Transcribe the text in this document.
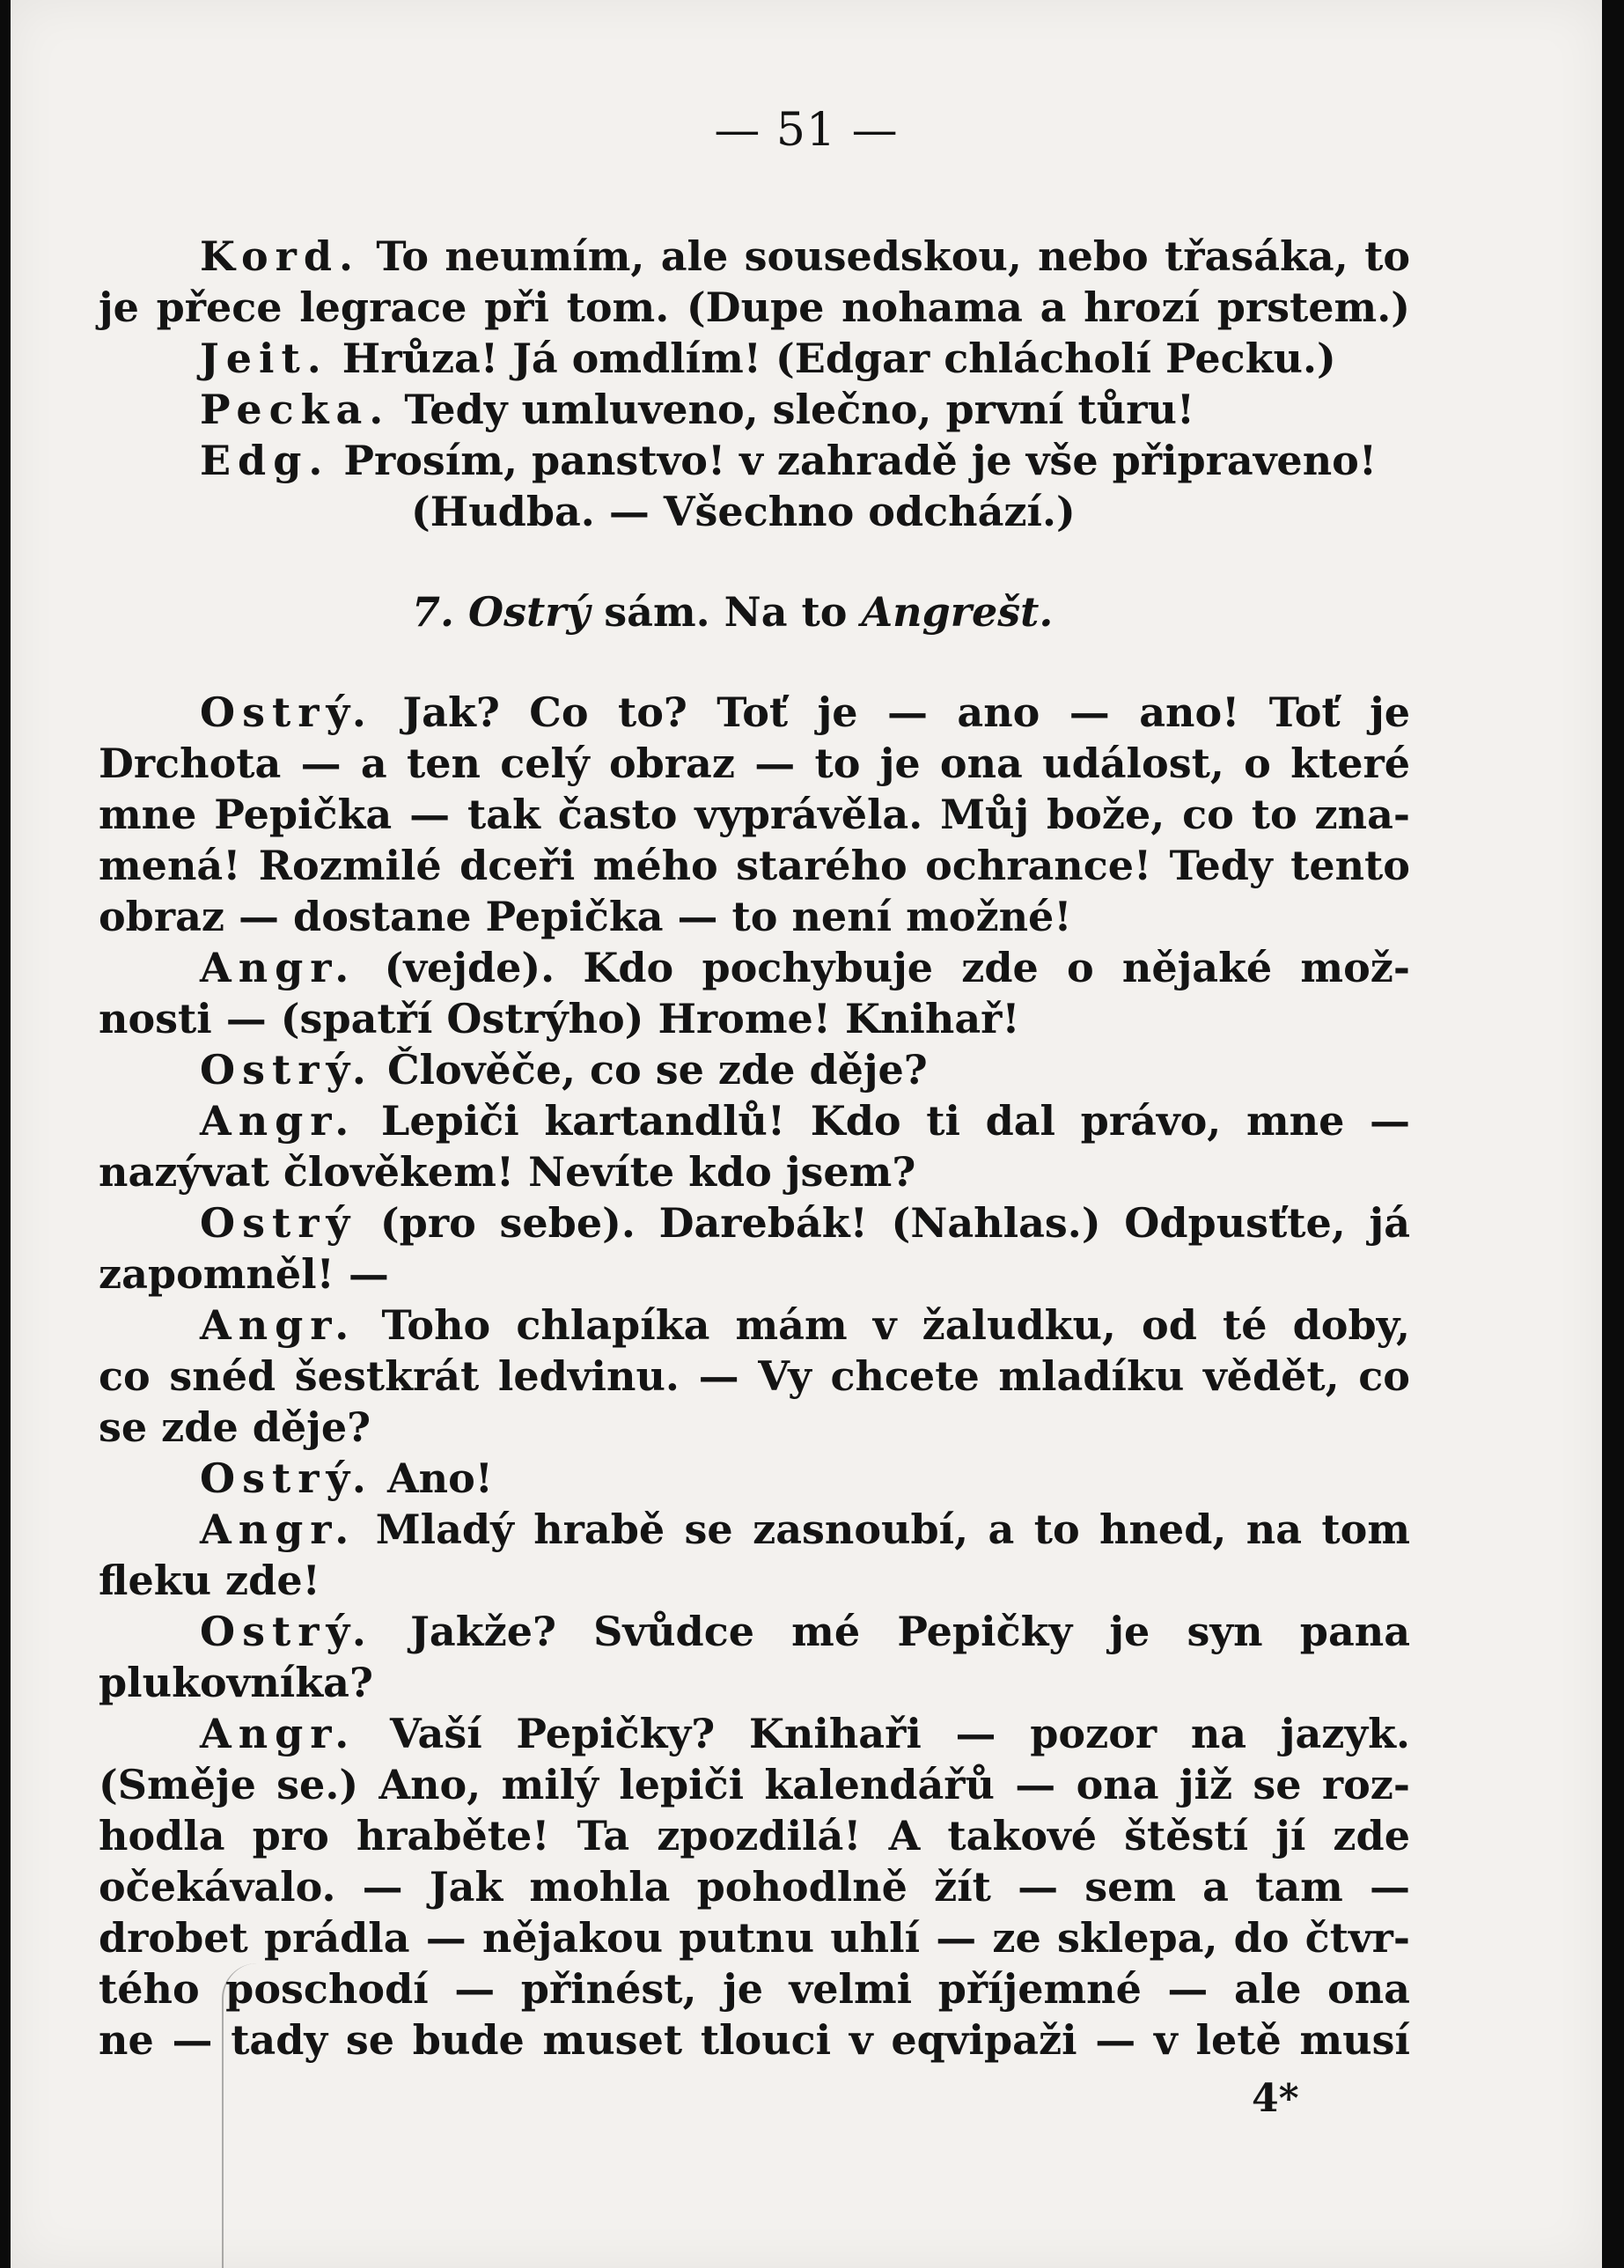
— 51 —
Kord. To neumím, ale sousedskou, nebo třasáka, to
je přece legrace při tom. (Dupe nohama a hrozí prstem.)
Jeit. Hrůza! Já omdlím! (Edgar chlácholí Pecku.)
Pecka. Tedy umluveno, slečno, první tůru!
Edg. Prosím, panstvo! v zahradě je vše připraveno!
(Hudba. — Všechno odchází.)
7. Ostrý sám. Na to Angrešt.
Ostrý. Jak? Co to? Toť je — ano — ano! Toť je
Drchota — a ten celý obraz — to je ona událost, o které
mne Pepička — tak často vyprávěla. Můj bože, co to zna-
mená! Rozmilé dceři mého starého ochrance! Tedy tento
obraz — dostane Pepička — to není možné!
Angr. (vejde). Kdo pochybuje zde o nějaké mož-
nosti — (spatří Ostrýho) Hrome! Knihař!
Ostrý. Člověče, co se zde děje?
Angr. Lepiči kartandlů! Kdo ti dal právo, mne —
nazývat člověkem! Nevíte kdo jsem?
Ostrý (pro sebe). Darebák! (Nahlas.) Odpusťte, já
zapomněl! —
Angr. Toho chlapíka mám v žaludku, od té doby,
co snéd šestkrát ledvinu. — Vy chcete mladíku vědět, co
se zde děje?
Ostrý. Ano!
Angr. Mladý hrabě se zasnoubí, a to hned, na tom
fleku zde!
Ostrý. Jakže? Svůdce mé Pepičky je syn pana
plukovníka?
Angr. Vaší Pepičky? Knihaři — pozor na jazyk.
(Směje se.) Ano, milý lepiči kalendářů — ona již se roz-
hodla pro hraběte! Ta zpozdilá! A takové štěstí jí zde
očekávalo. — Jak mohla pohodlně žít — sem a tam —
drobet prádla — nějakou putnu uhlí — ze sklepa, do čtvr-
tého poschodí — přinést, je velmi příjemné — ale ona
ne — tady se bude muset tlouci v eqvipaži — v letě musí
4*
